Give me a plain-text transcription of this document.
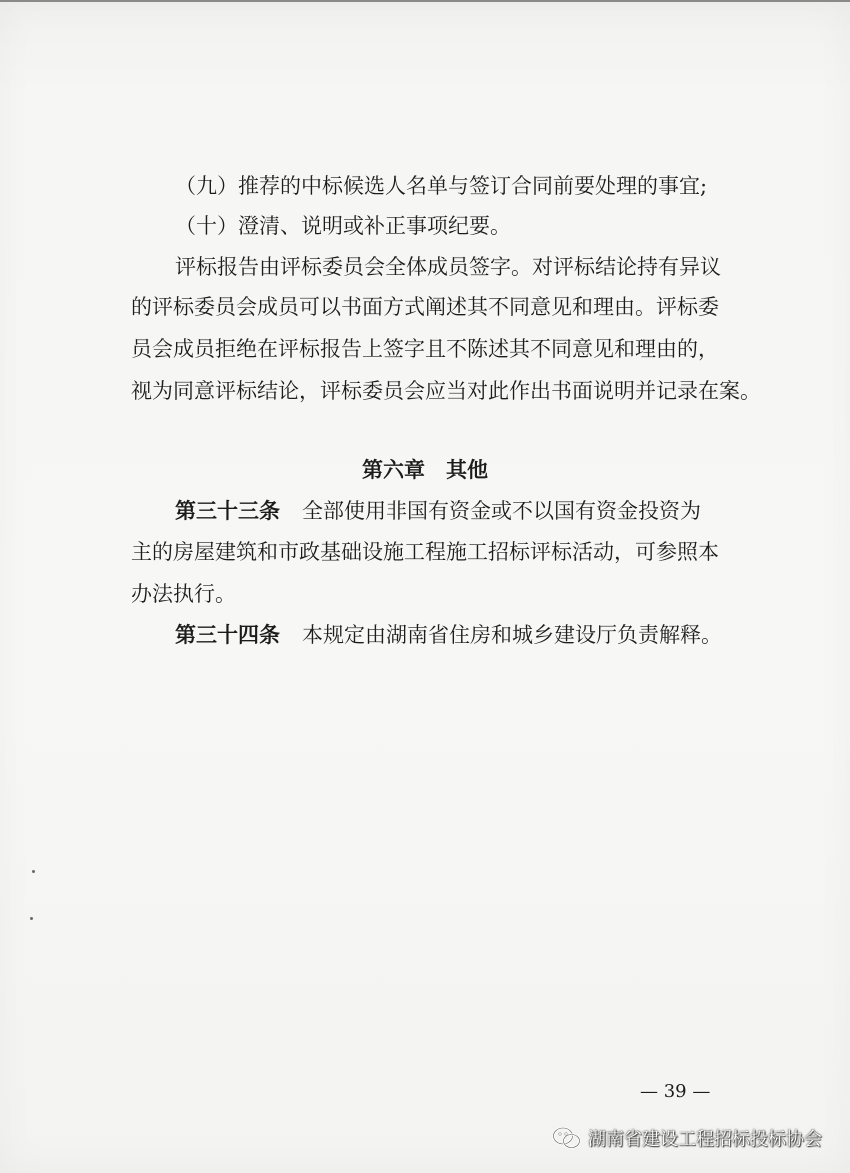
（九）推荐的中标候选人名单与签订合同前要处理的事宜;
（十）澄清、说明或补正事项纪要。
评标报告由评标委员会全体成员签字。对评标结论持有异议
的评标委员会成员可以书面方式阐述其不同意见和理由。评标委
员会成员拒绝在评标报告上签字且不陈述其不同意见和理由的，
视为同意评标结论，评标委员会应当对此作出书面说明并记录在案。
第六章　其他
第三十三条 全部使用非国有资金或不以国有资金投资为
主的房屋建筑和市政基础设施工程施工招标评标活动，可参照本
办法执行。
第三十四条 本规定由湖南省住房和城乡建设厅负责解释。
— 39 —
湖南省建设工程招标投标协会
